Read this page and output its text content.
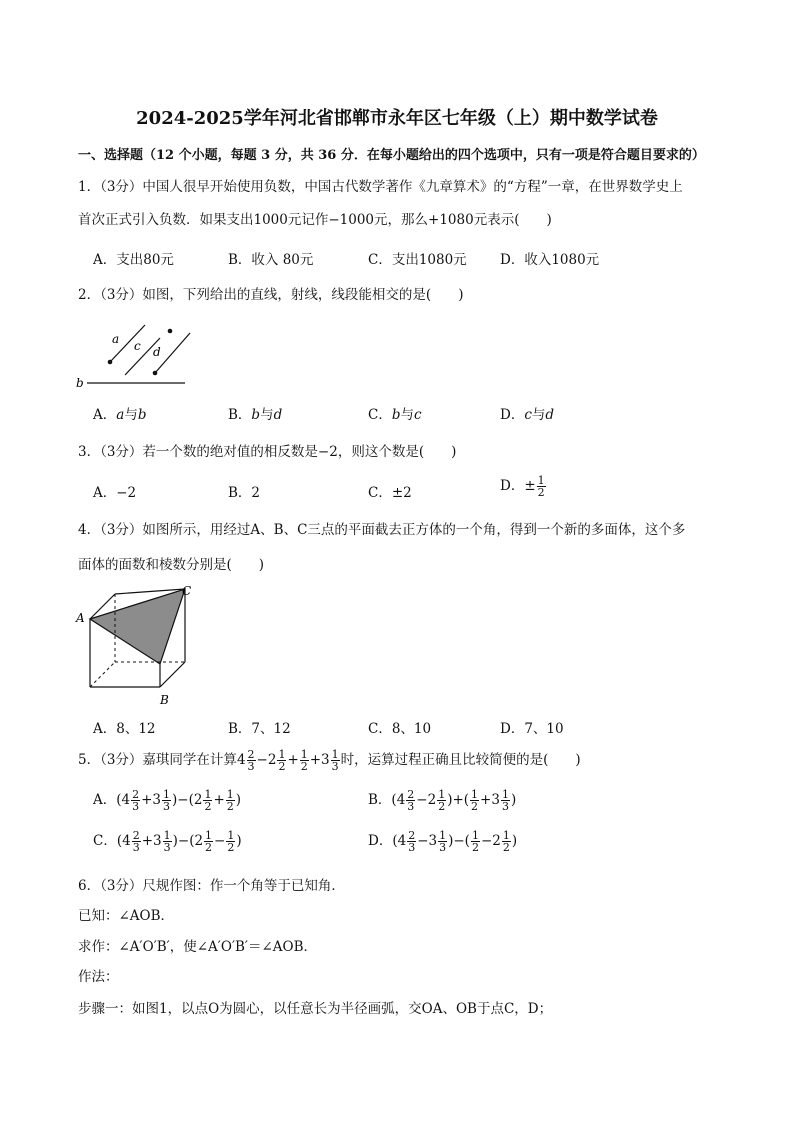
2024-2025学年河北省邯郸市永年区七年级（上）期中数学试卷
一、选择题（12 个小题，每题 3 分，共 36 分．在每小题给出的四个选项中，只有一项是符合题目要求的）
1．（3分）中国人很早开始使用负数，中国古代数学著作《九章算术》的“方程”一章，在世界数学史上
首次正式引入负数．如果支出1000元记作−1000元，那么+1080元表示(　　)
A．支出80元	B．收入 80元	C．支出1080元 D．收入1080元
2．（3分）如图，下列给出的直线，射线，线段能相交的是(　　)
a c d
b
A．a与b	B．b与d	C．b与c	D．c与d
3．（3分）若一个数的绝对值的相反数是−2，则这个数是(　　)
A．−2	B．2	C．±2	D．± $\frac{1}{2}$
4．（3分）如图所示，用经过A、B、C三点的平面截去正方体的一个角，得到一个新的多面体，这个多
面体的面数和棱数分别是(　　)
A
C
B
A．8、12	B．7、12	C．8、10	D．7、10
5．（3分）嘉琪同学在计算$4 \frac{2}{3} -2 \frac{1}{2} + \frac{1}{2} +3 \frac{1}{3}$ 时，运算过程正确且比较简便的是(　　)
A．$(4 \frac{2}{3} +3 \frac{1}{3} )-(2 \frac{1}{2} + \frac{1}{2}$ )	B．($4 \frac{2}{3} -2 \frac{1}{2}$ )+( $\frac{1}{2} +3 \frac{1}{3}$ )
C．$(4 \frac{2}{3} +3 \frac{1}{3} )-(2 \frac{1}{2} - \frac{1}{2}$ )	D．($4 \frac{2}{3} -3 \frac{1}{3}$ )−( $\frac{1}{2} -2 \frac{1}{2}$ )
6．（3分）尺规作图：作一个角等于已知角．
已知：∠AOB．
求作：∠A′O′B′，使∠A′O′B′＝∠AOB．
作法：
步骤一：如图1，以点O为圆心，以任意长为半径画弧，交OA、OB于点C，D；
